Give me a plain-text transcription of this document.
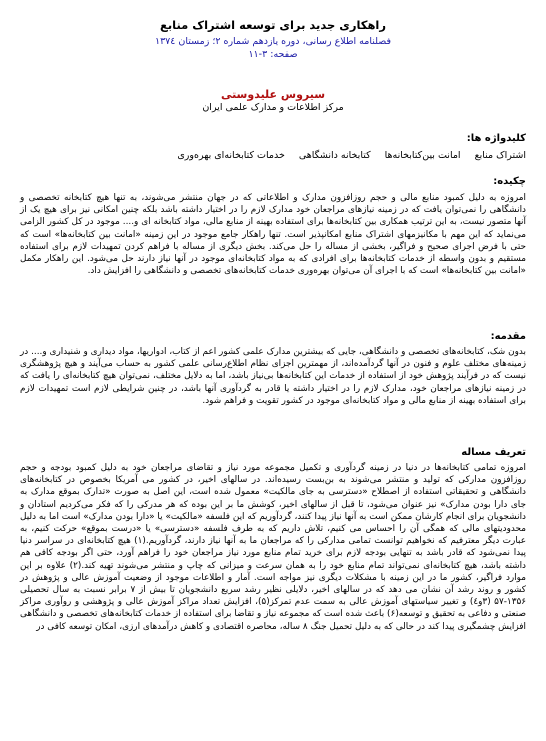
راهکاری جدید برای توسعه اشتراک منابع
فصلنامه اطلاع رسانی، دوره یازدهم شماره ۲؛ زمستان ۱۳۷٤
صفحه: ۳-۱۱
سیروس علیدوستی
مرکز اطلاعات و مدارک علمی ایران
کلیدواژه ها:
اشتراک منابع
امانت بین‌کتابخانه‌ها
کتابخانه دانشگاهی
خدمات کتابخانه‌ای بهره‌وری
چکیده:

امروزه به دلیل کمبود منابع مالی و حجم روزافزون مدارک و اطلاعاتی که در جهان منتشر می‌شوند، به تنها هیچ کتابخانه تخصصی و دانشگاهی را نمی‌توان یافت که در زمینه نیازهای مراجعان خود مدارک لازم را در اختیار داشته باشد بلکه چنین امکانی نیز برای هیچ یک از آنها متصور نیست، به این ترتیب همکاری بین کتابخانه‌ها برای استفاده بهینه از منابع مالی، مواد کتابخانه ای و.... موجود در کل کشور الزامی می‌نماید که این مهم با مکانیزمهای اشتراک منابع امکانپذیر است. تنها راهکار جامع موجود در این زمینه «امانت بین کتابخانه‌ها» است که حتی با فرض اجرای صحیح و فراگیر، بخشی از مساله را حل می‌کند. بخش دیگری از مساله با فراهم کردن تمهیدات لازم برای استفاده مستقیم و بدون واسطه از خدمات کتابخانه‌ها برای افرادی که به مواد کتابخانه‌ای موجود در آنها نیاز دارند حل می‌شود. این راهکار مکمل «امانت بین کتابخانه‌ها» است که با اجرای آن می‌توان بهره‌وری خدمات کتابخانه‌های تخصصی و دانشگاهی را افزایش داد.

مقدمه:

بدون شک، کتابخانه‌های تخصصی و دانشگاهی، جایی که بیشترین مدارک علمی کشور اعم از کتاب، ادواریها، مواد دیداری و شنیداری و.... در زمینه‌های مختلف علوم و فنون در آنها گردآمده‌اند، از مهمترین اجزای نظام اطلاع‌رسانی علمی کشور به حساب می‌آیند و هیچ پژوهشگری نیست که در فرآیند پژوهش خود از استفاده از خدمات این کتابخانه‌ها بی‌نیاز باشد، اما به دلایل مختلف، نمی‌توان هیچ کتابخانه‌ای را یافت که در زمینه نیازهای مراجعان خود، مدارک لازم را در اختیار داشته یا قادر به گردآوری آنها باشد، در چنین شرایطی لازم است تمهیدات لازم برای استفاده بهینه از منابع مالی و مواد کتابخانه‌ای موجود در کشور تقویت و فراهم شود.

تعریف مساله

امروزه تمامی کتابخانه‌ها در دنیا در زمینه گردآوری و تکمیل مجموعه مورد نیاز و تقاضای مراجعان خود به دلیل کمبود بودجه و حجم روزافزون مدارکی که تولید و منتشر می‌شوند به بن‌بست رسیده‌اند. در سالهای اخیر، در کشور می آمریکا بخصوص در کتابخانه‌های دانشگاهی و تحقیقاتی استفاده از اصطلاح «دسترسی به جای مالکیت» معمول شده است، این اصل به صورت «تدارک بموقع مدارک به جای دارا بودن مدارک» نیز عنوان می‌شود، تا قبل از سالهای اخیر، کوشش ما بر این بوده که هر مدرکی را که فکر می‌کردیم استادان و دانشجویان برای انجام کارشان ممکن است به آنها نیاز پیدا کنند، گردآوریم که این فلسفه «مالکیت» یا «دارا بودن مدارک» است اما به دلیل محدودیتهای مالی که همگی آن را احساس می کنیم، تلاش داریم که به طرف فلسفه «دسترسی» یا «درست بموقع» حرکت کنیم، به عبارت دیگر معترفیم که نخواهیم توانست تمامی مدارکی را که مراجعان ما به آنها نیاز دارند، گردآوریم.(۱) هیچ کتابخانه‌ای در سراسر دنیا پیدا نمی‌شود که قادر باشد به تنهایی بودجه لازم برای خرید تمام منابع مورد نیاز مراجعان خود را فراهم آورد، حتی اگر بودجه کافی هم داشته باشد، هیچ کتابخانه‌ای نمی‌تواند تمام منابع خود را به همان سرعت و میزانی که چاپ و منتشر می‌شوند تهیه کند.(۲) علاوه بر این موارد فراگیر، کشور ما در این زمینه با مشکلات دیگری نیز مواجه است. آمار و اطلاعات موجود از وضعیت آموزش عالی و پژوهش در کشور و روند رشد آن نشان می دهد که در سالهای اخیر، دلایلی نظیر رشد سریع دانشجویان تا بیش از ۷ برابر نسبت به سال تحصیلی ۱۳۵۶-۵۷ (۳و٤) و تغییر سیاستهای آموزش عالی به سمت عدم تمرکز(۵)، افزایش تعداد مراکز آموزش عالی و پژوهشی و روآوری مراکز صنعتی و دفاعی به تحقیق و توسعه(۶) باعث شده است که مجموعه نیاز و تقاضا برای استفاده از خدمات کتابخانه‌های تخصصی و دانشگاهی افزایش چشمگیری پیدا کند در حالی که به دلیل تحمیل جنگ ۸ ساله، محاصره اقتصادی و کاهش درآمدهای ارزی، امکان توسعه کافی در
